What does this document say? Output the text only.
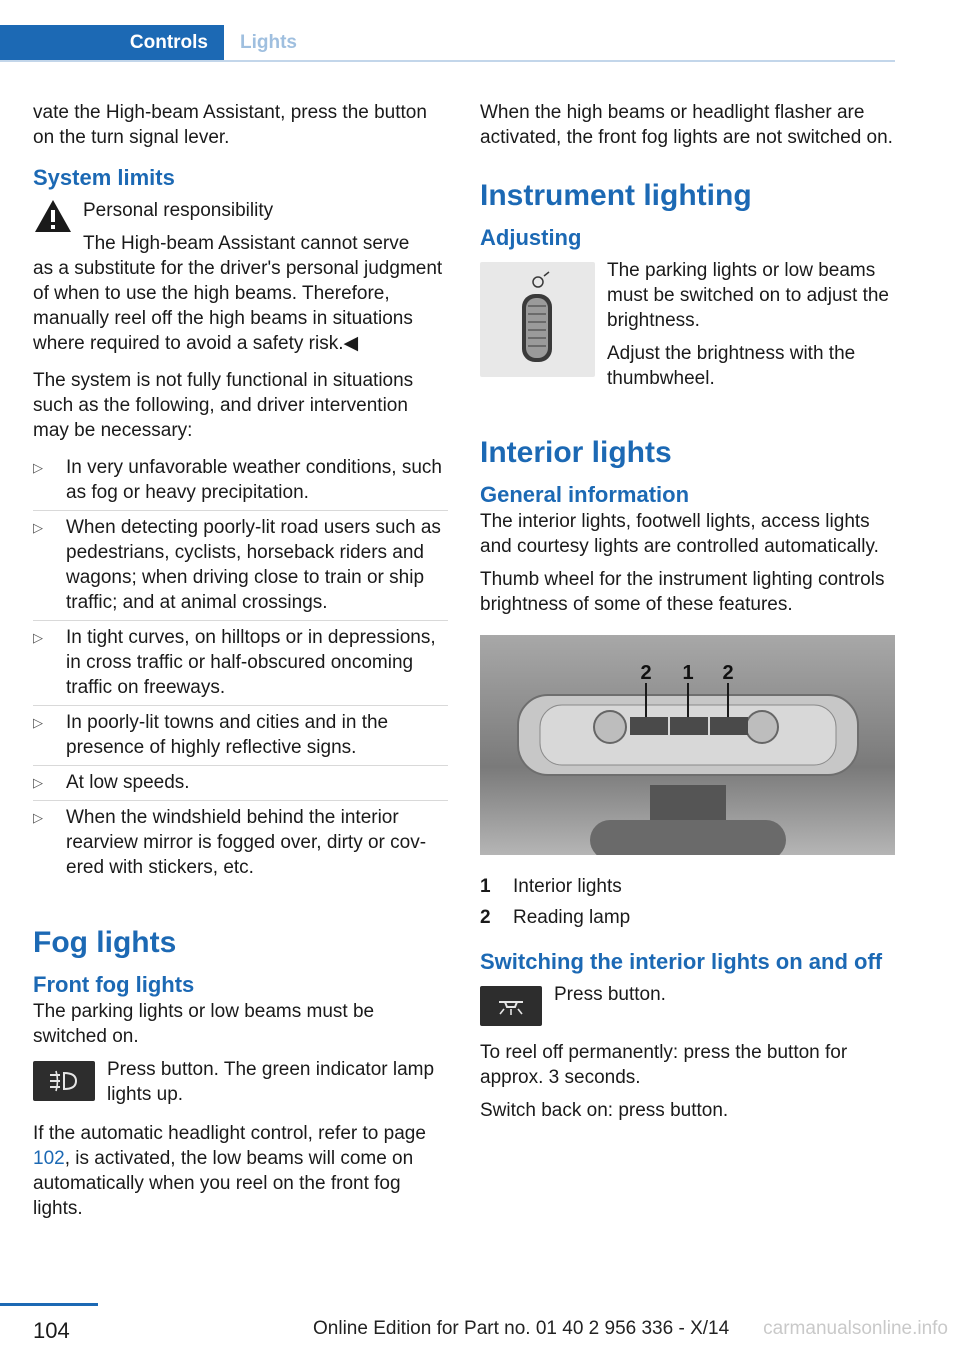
Controls	Lights

vate the High-beam Assistant, press the button on the turn signal lever.

System limits

Personal responsibility

The High-beam Assistant cannot serve

as a substitute for the driver's personal judgment of when to use the high beams. Therefore, manually reel off the high beams in situations where required to avoid a safety risk.◀

The system is not fully functional in situations such as the following, and driver intervention may be necessary:

▷	In very unfavorable weather conditions, such as fog or heavy precipitation.
▷	When detecting poorly-lit road users such as pedestrians, cyclists, horseback riders and wagons; when driving close to train or ship traffic; and at animal crossings.
▷	In tight curves, on hilltops or in depressions, in cross traffic or half-obscured oncoming traffic on freeways.
▷	In poorly-lit towns and cities and in the presence of highly reflective signs.
▷	At low speeds.
▷	When the windshield behind the interior rearview mirror is fogged over, dirty or covered with stickers, etc.
Fog lights
Front fog lights

The parking lights or low beams must be switched on.

Press button. The green indicator lamp lights up.

If the automatic headlight control, refer to page 102, is activated, the low beams will come on automatically when you reel on the front fog lights.

When the high beams or headlight flasher are activated, the front fog lights are not switched on.

Instrument lighting
Adjusting

The parking lights or low beams must be switched on to adjust the brightness.

Adjust the brightness with the thumbwheel.

Interior lights
General information

The interior lights, footwell lights, access lights and courtesy lights are controlled automatically.

Thumb wheel for the instrument lighting controls brightness of some of these features.

2 1 2
1	Interior lights
2	Reading lamp
Switching the interior lights on and off

Press button.

To reel off permanently: press the button for approx. 3 seconds.

Switch back on: press button.

104	Online Edition for Part no. 01 40 2 956 336 - X/14 carmanualsonline.info
